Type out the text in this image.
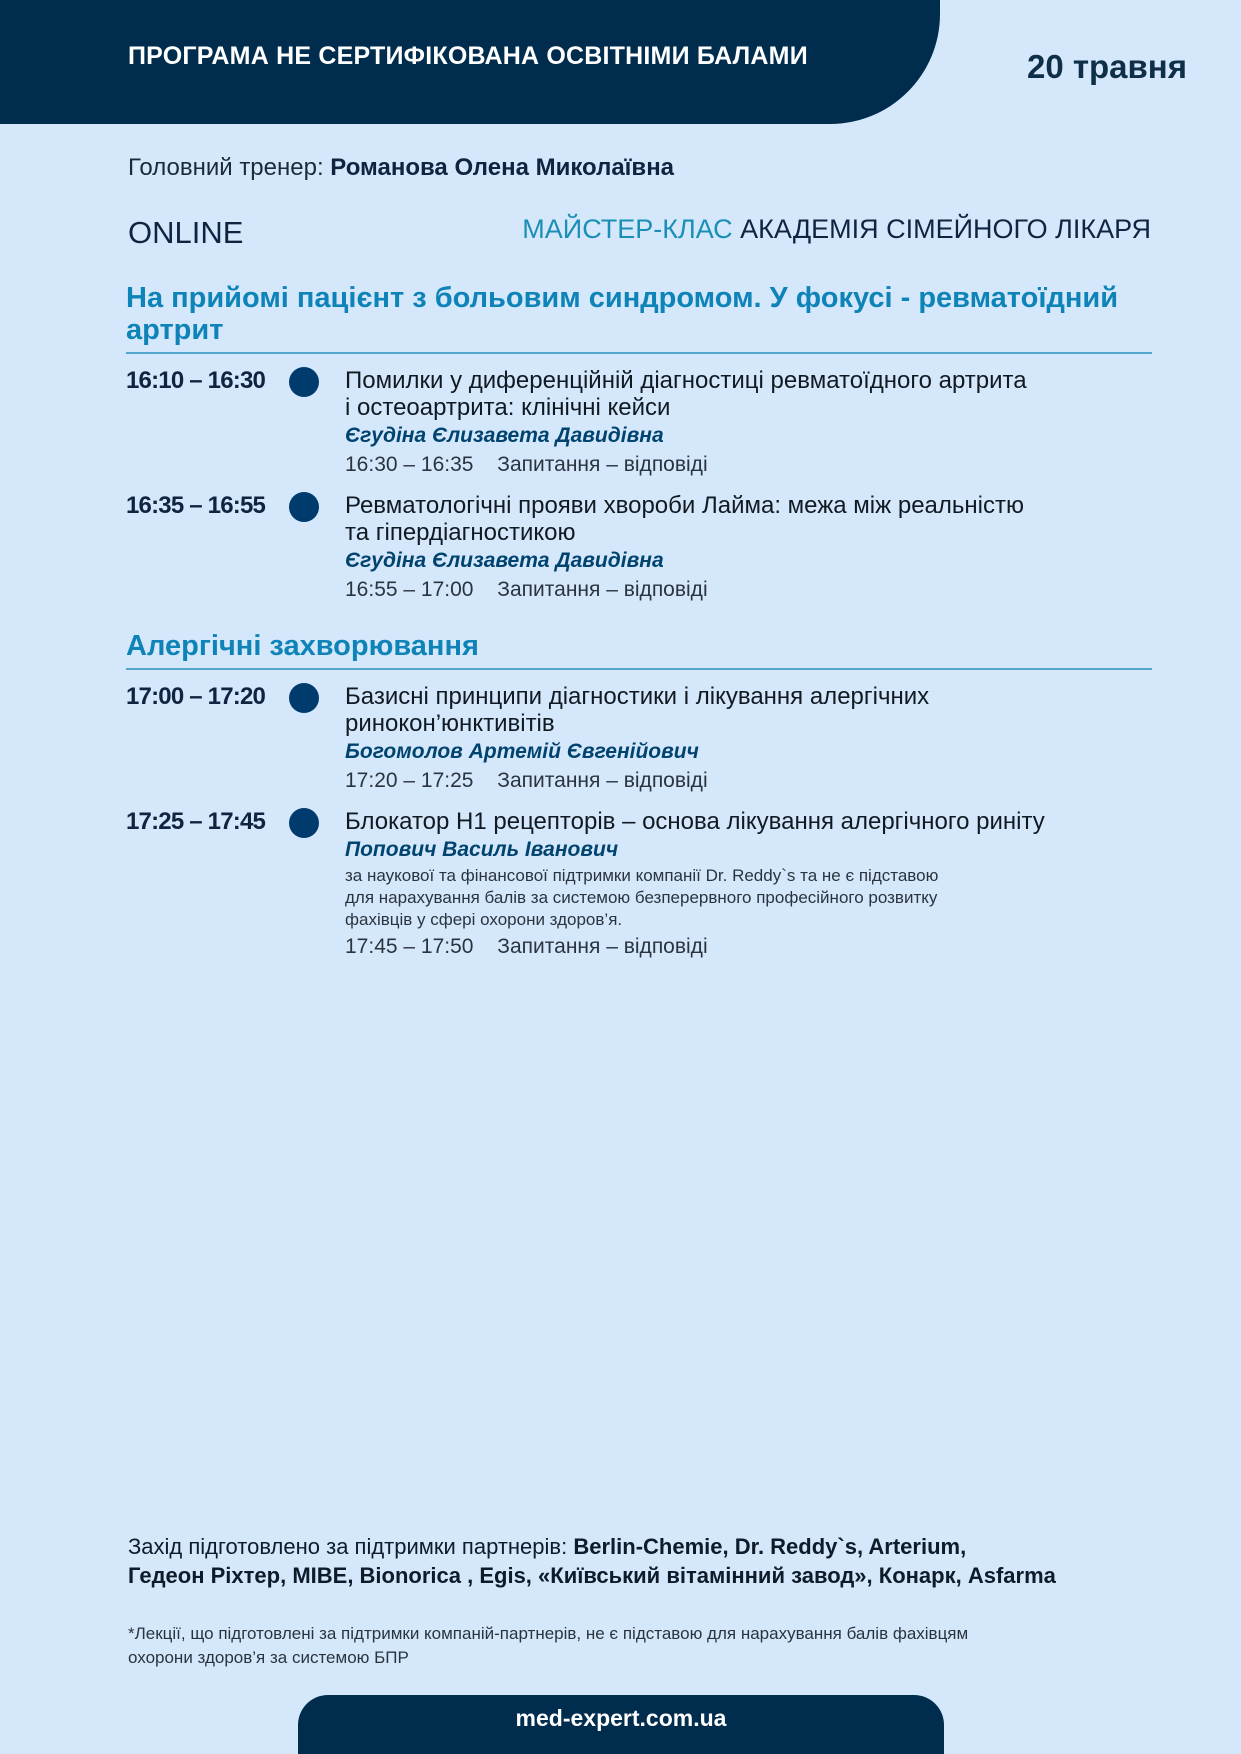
ПРОГРАМА НЕ СЕРТИФІКОВАНА ОСВІТНІМИ БАЛАМИ	20 травня
Головний тренер: Романова Олена Миколаївна
ONLINE	МАЙСТЕР-КЛАС АКАДЕМІЯ СІМЕЙНОГО ЛІКАРЯ
На прийомі пацієнт з больовим синдромом. У фокусі - ревматоїдний артрит
16:10 – 16:30	Помилки у диференційній діагностиці ревматоїдного артрита
і остеоартрита: клінічні кейси
Єгудіна Єлизавета Давидівна
16:30 – 16:35 Запитання – відповіді
16:35 – 16:55	Ревматологічні прояви хвороби Лайма: межа між реальністю
та гіпердіагностикою
Єгудіна Єлизавета Давидівна
16:55 – 17:00 Запитання – відповіді
Алергічні захворювання
17:00 – 17:20	Базисні принципи діагностики і лікування алергічних
ринокон’юнктивітів
Богомолов Артемій Євгенійович
17:20 – 17:25 Запитання – відповіді
17:25 – 17:45	Блокатор Н1 рецепторів – основа лікування алергічного риніту
Попович Василь Іванович
за наукової та фінансової підтримки компанії Dr. Reddy`s та не є підставою
для нарахування балів за системою безперервного професійного розвитку
фахівців у сфері охорони здоров’я.
17:45 – 17:50 Запитання – відповіді
Захід підготовлено за підтримки партнерів: Berlin-Chemie, Dr. Reddy`s, Arterium,
Гедеон Ріхтер, MIBE, Bionorica , Egis, «Київський вітамінний завод», Конарк, Asfarma
*Лекції, що підготовлені за підтримки компаній-партнерів, не є підставою для нарахування балів фахівцям
охорони здоров’я за системою БПР
med-expert.com.ua
